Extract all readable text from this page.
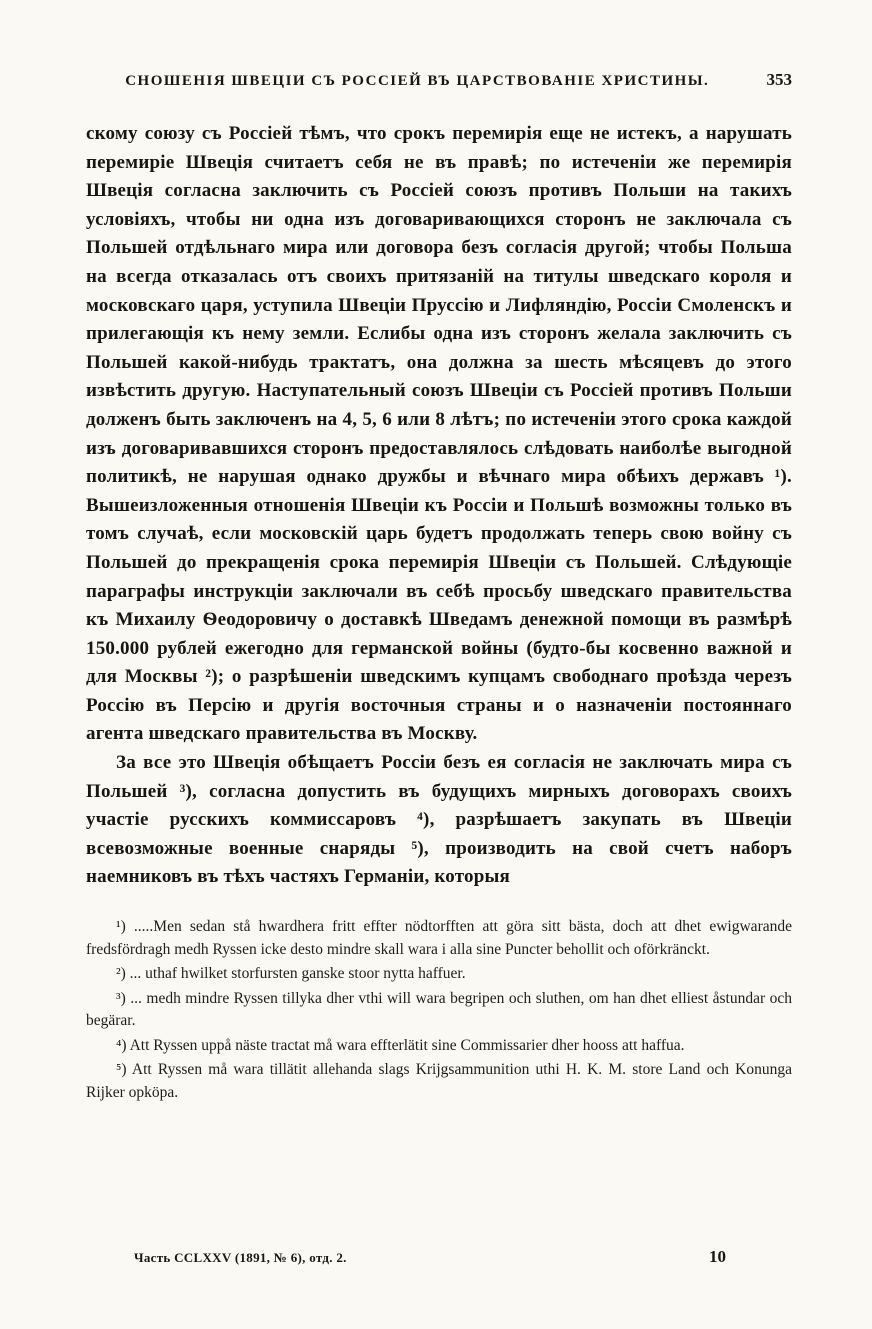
СНОШЕНІЯ ШВЕЦІИ СЪ РОССІЕЙ ВЪ ЦАРСТВОВАНІЕ ХРИСТИНЫ.	353

скому союзу съ Россіей тѣмъ, что срокъ перемирія еще не истекъ, а нарушать перемиріе Швеція считаетъ себя не въ правѣ; по истеченіи же перемирія Швеція согласна заключить съ Россіей союзъ противъ Польши на такихъ условіяхъ, чтобы ни одна изъ договаривающихся сторонъ не заключала съ Польшей отдѣльнаго мира или договора безъ согласія другой; чтобы Польша на всегда отказалась отъ своихъ притязаній на титулы шведскаго короля и московскаго царя, уступила Швеціи Пруссію и Лифляндію, Россіи Смоленскъ и прилегающія къ нему земли. Еслибы одна изъ сторонъ желала заключить съ Польшей какой-нибудь трактатъ, она должна за шесть мѣсяцевъ до этого извѣстить другую. Наступательный союзъ Швеціи съ Россіей противъ Польши долженъ быть заключенъ на 4, 5, 6 или 8 лѣтъ; по истеченіи этого срока каждой изъ договаривавшихся сторонъ предоставлялось слѣдовать наиболѣе выгодной политикѣ, не нарушая однако дружбы и вѣчнаго мира обѣихъ державъ ¹). Вышеизложенныя отношенія Швеціи къ Россіи и Польшѣ возможны только въ томъ случаѣ, если московскій царь будетъ продолжать теперь свою войну съ Польшей до прекращенія срока перемирія Швеціи съ Польшей. Слѣдующіе параграфы инструкціи заключали въ себѣ просьбу шведскаго правительства къ Михаилу Ѳеодоровичу о доставкѣ Шведамъ денежной помощи въ размѣрѣ 150.000 рублей ежегодно для германской войны (будто-бы косвенно важной и для Москвы ²); о разрѣшеніи шведскимъ купцамъ свободнаго проѣзда черезъ Россію въ Персію и другія восточныя страны и о назначеніи постояннаго агента шведскаго правительства въ Москву.

За все это Швеція обѣщаетъ Россіи безъ ея согласія не заключать мира съ Польшей ³), согласна допустить въ будущихъ мирныхъ договорахъ своихъ участіе русскихъ коммиссаровъ ⁴), разрѣшаетъ закупать въ Швеціи всевозможные военные снаряды ⁵), производить на свой счетъ наборъ наемниковъ въ тѣхъ частяхъ Германіи, которыя

¹) .....Men sedan stå hwardhera fritt effter nödtorfften att göra sitt bästa, doch att dhet ewigwarande fredsfördragh medh Ryssen icke desto mindre skall wara i alla sine Puncter behollit och oförkränckt.

²) ... uthaf hwilket storfursten ganske stoor nytta haffuer.

³) ... medh mindre Ryssen tillyka dher vthi will wara begripen och sluthen, om han dhet elliest åstundar och begärar.

⁴) Att Ryssen uppå näste tractat må wara effterlätit sine Commissarier dher hooss att haffua.

⁵) Att Ryssen må wara tillätit allehanda slags Krijgsammunition uthi H. K. M. store Land och Konunga Rijker opköpa.

Часть CCLXXV (1891, № 6), отд. 2.	10
